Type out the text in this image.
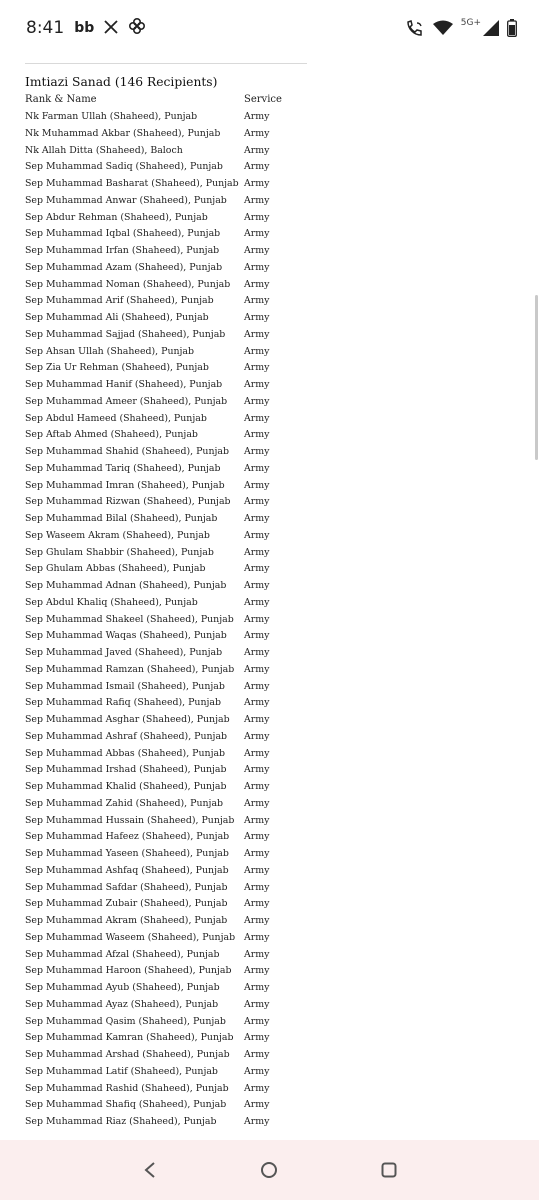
8:41 bb	5G+
Imtiazi Sanad (146 Recipients)
Rank & Name	Service
Nk Farman Ullah (Shaheed), Punjab	Army
Nk Muhammad Akbar (Shaheed), Punjab	Army
Nk Allah Ditta (Shaheed), Baloch	Army
Sep Muhammad Sadiq (Shaheed), Punjab Army
Sep Muhammad Basharat (Shaheed), Punjab Army
Sep Muhammad Anwar (Shaheed), Punjab Army
Sep Abdur Rehman (Shaheed), Punjab	Army
Sep Muhammad Iqbal (Shaheed), Punjab	Army
Sep Muhammad Irfan (Shaheed), Punjab	Army
Sep Muhammad Azam (Shaheed), Punjab Army
Sep Muhammad Noman (Shaheed), Punjab Army
Sep Muhammad Arif (Shaheed), Punjab	Army
Sep Muhammad Ali (Shaheed), Punjab	Army
Sep Muhammad Sajjad (Shaheed), Punjab Army
Sep Ahsan Ullah (Shaheed), Punjab	Army
Sep Zia Ur Rehman (Shaheed), Punjab	Army
Sep Muhammad Hanif (Shaheed), Punjab Army
Sep Muhammad Ameer (Shaheed), Punjab Army
Sep Abdul Hameed (Shaheed), Punjab	Army
Sep Aftab Ahmed (Shaheed), Punjab	Army
Sep Muhammad Shahid (Shaheed), Punjab Army
Sep Muhammad Tariq (Shaheed), Punjab	Army
Sep Muhammad Imran (Shaheed), Punjab Army
Sep Muhammad Rizwan (Shaheed), Punjab Army
Sep Muhammad Bilal (Shaheed), Punjab	Army
Sep Waseem Akram (Shaheed), Punjab	Army
Sep Ghulam Shabbir (Shaheed), Punjab	Army
Sep Ghulam Abbas (Shaheed), Punjab	Army
Sep Muhammad Adnan (Shaheed), Punjab Army
Sep Abdul Khaliq (Shaheed), Punjab	Army
Sep Muhammad Shakeel (Shaheed), Punjab Army
Sep Muhammad Waqas (Shaheed), Punjab Army
Sep Muhammad Javed (Shaheed), Punjab Army
Sep Muhammad Ramzan (Shaheed), Punjab Army
Sep Muhammad Ismail (Shaheed), Punjab Army
Sep Muhammad Rafiq (Shaheed), Punjab Army
Sep Muhammad Asghar (Shaheed), Punjab Army
Sep Muhammad Ashraf (Shaheed), Punjab Army
Sep Muhammad Abbas (Shaheed), Punjab Army
Sep Muhammad Irshad (Shaheed), Punjab Army
Sep Muhammad Khalid (Shaheed), Punjab Army
Sep Muhammad Zahid (Shaheed), Punjab Army
Sep Muhammad Hussain (Shaheed), Punjab Army
Sep Muhammad Hafeez (Shaheed), Punjab Army
Sep Muhammad Yaseen (Shaheed), Punjab Army
Sep Muhammad Ashfaq (Shaheed), Punjab Army
Sep Muhammad Safdar (Shaheed), Punjab Army
Sep Muhammad Zubair (Shaheed), Punjab Army
Sep Muhammad Akram (Shaheed), Punjab Army
Sep Muhammad Waseem (Shaheed), Punjab Army
Sep Muhammad Afzal (Shaheed), Punjab	Army
Sep Muhammad Haroon (Shaheed), Punjab Army
Sep Muhammad Ayub (Shaheed), Punjab	Army
Sep Muhammad Ayaz (Shaheed), Punjab	Army
Sep Muhammad Qasim (Shaheed), Punjab Army
Sep Muhammad Kamran (Shaheed), Punjab Army
Sep Muhammad Arshad (Shaheed), Punjab Army
Sep Muhammad Latif (Shaheed), Punjab	Army
Sep Muhammad Rashid (Shaheed), Punjab Army
Sep Muhammad Shafiq (Shaheed), Punjab Army
Sep Muhammad Riaz (Shaheed), Punjab	Army
